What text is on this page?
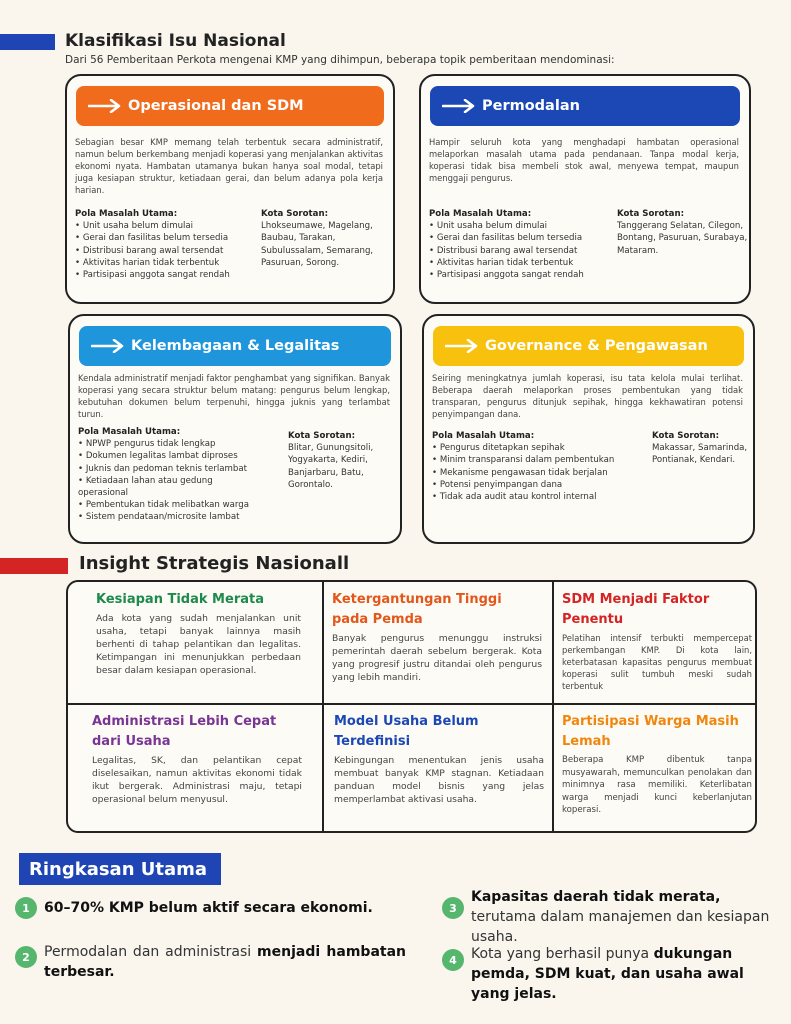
Klasifikasi Isu Nasional
Dari 56 Pemberitaan Perkota mengenai KMP yang dihimpun, beberapa topik pemberitaan mendominasi:
Operasional dan SDM
Sebagian besar KMP memang telah terbentuk secara administratif, namun belum berkembang menjadi koperasi yang menjalankan aktivitas ekonomi nyata. Hambatan utamanya bukan hanya soal modal, tetapi juga kesiapan struktur, ketiadaan gerai, dan belum adanya pola kerja harian.
Pola Masalah Utama:
• Unit usaha belum dimulai
• Gerai dan fasilitas belum tersedia
• Distribusi barang awal tersendat
• Aktivitas harian tidak terbentuk
• Partisipasi anggota sangat rendah
Kota Sorotan:
Lhokseumawe, Magelang, Baubau, Tarakan, Subulussalam, Semarang, Pasuruan, Sorong.
Permodalan
Hampir seluruh kota yang menghadapi hambatan operasional melaporkan masalah utama pada pendanaan. Tanpa modal kerja, koperasi tidak bisa membeli stok awal, menyewa tempat, maupun menggaji pengurus.
Pola Masalah Utama:
• Unit usaha belum dimulai
• Gerai dan fasilitas belum tersedia
• Distribusi barang awal tersendat
• Aktivitas harian tidak terbentuk
• Partisipasi anggota sangat rendah
Kota Sorotan:
Tanggerang Selatan, Cilegon, Bontang, Pasuruan, Surabaya, Mataram.
Kelembagaan & Legalitas
Kendala administratif menjadi faktor penghambat yang signifikan. Banyak koperasi yang secara struktur belum matang: pengurus belum lengkap, kebutuhan dokumen belum terpenuhi, hingga juknis yang terlambat turun.
Pola Masalah Utama:
• NPWP pengurus tidak lengkap
• Dokumen legalitas lambat diproses
• Juknis dan pedoman teknis terlambat
• Ketiadaan lahan atau gedung operasional
• Pembentukan tidak melibatkan warga
• Sistem pendataan/microsite lambat
Kota Sorotan:
Blitar, Gunungsitoli, Yogyakarta, Kediri, Banjarbaru, Batu, Gorontalo.
Governance & Pengawasan
Seiring meningkatnya jumlah koperasi, isu tata kelola mulai terlihat. Beberapa daerah melaporkan proses pembentukan yang tidak transparan, pengurus ditunjuk sepihak, hingga kekhawatiran potensi penyimpangan dana.
Pola Masalah Utama:
• Pengurus ditetapkan sepihak
• Minim transparansi dalam pembentukan
• Mekanisme pengawasan tidak berjalan
• Potensi penyimpangan dana
• Tidak ada audit atau kontrol internal
Kota Sorotan:
Makassar, Samarinda, Pontianak, Kendari.
Insight Strategis Nasionall
Kesiapan Tidak Merata
Ada kota yang sudah menjalankan unit usaha, tetapi banyak lainnya masih berhenti di tahap pelantikan dan legalitas. Ketimpangan ini menunjukkan perbedaan besar dalam kesiapan operasional.
Ketergantungan Tinggi pada Pemda
Banyak pengurus menunggu instruksi pemerintah daerah sebelum bergerak. Kota yang progresif justru ditandai oleh pengurus yang lebih mandiri.
SDM Menjadi Faktor Penentu
Pelatihan intensif terbukti mempercepat perkembangan KMP. Di kota lain, keterbatasan kapasitas pengurus membuat koperasi sulit tumbuh meski sudah terbentuk
Administrasi Lebih Cepat dari Usaha
Legalitas, SK, dan pelantikan cepat diselesaikan, namun aktivitas ekonomi tidak ikut bergerak. Administrasi maju, tetapi operasional belum menyusul.
Model Usaha Belum Terdefinisi
Kebingungan menentukan jenis usaha membuat banyak KMP stagnan. Ketiadaan panduan model bisnis yang jelas memperlambat aktivasi usaha.
Partisipasi Warga Masih Lemah
Beberapa KMP dibentuk tanpa musyawarah, memunculkan penolakan dan minimnya rasa memiliki. Keterlibatan warga menjadi kunci keberlanjutan koperasi.
Ringkasan Utama
1	60–70% KMP belum aktif secara ekonomi.
2	Permodalan dan administrasi menjadi hambatan terbesar.
3
Kapasitas daerah tidak merata, terutama dalam manajemen dan kesiapan usaha.
4	Kota yang berhasil punya dukungan pemda, SDM kuat, dan usaha awal yang jelas.
